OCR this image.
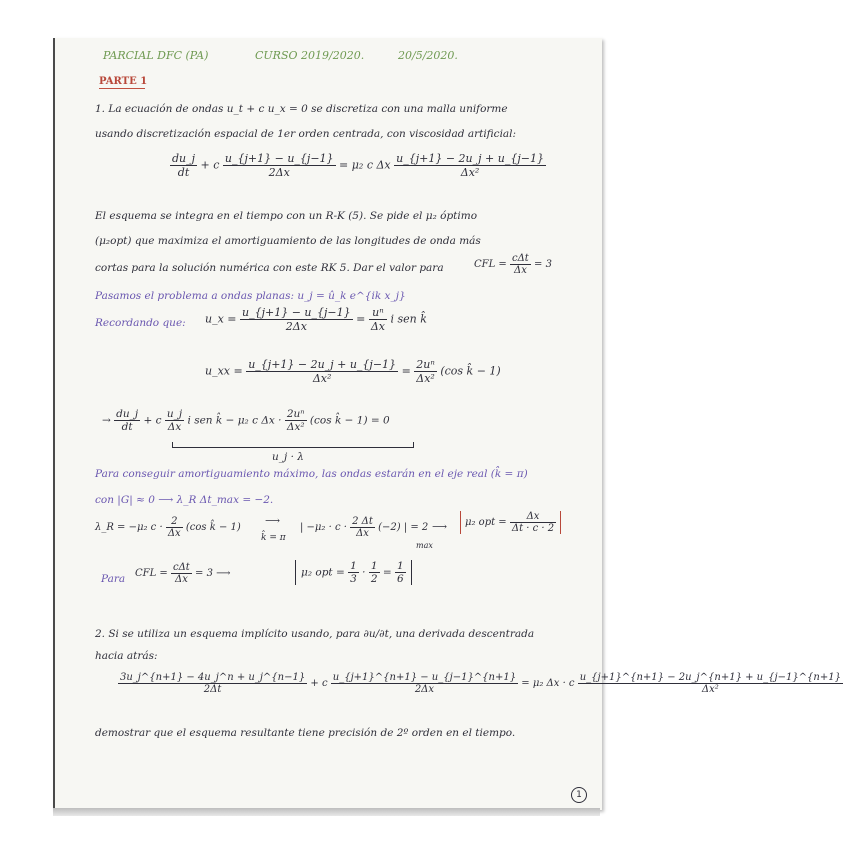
PARCIAL DFC (PA)	CURSO 2019/2020.	20/5/2020.
PARTE 1
1. La ecuación de ondas u_t + c u_x = 0 se discretiza con una malla uniforme
usando discretización espacial de 1er orden centrada, con viscosidad artificial:
$\frac{du\_j}{dt} + c \frac{u\_\{j+1\} - u\_\{j-1\}}{2\Delta x} = \mu_2$ c Δx $\frac{u\_\{j+1\} - 2u\_j + u\_\{j-1\}}{\text{Δx²}}$
El esquema se integra en el tiempo con un R-K (5). Se pide el μ₂ óptimo
(μ₂opt) que maximiza el amortiguamiento de las longitudes de onda más
cortas para la solución numérica con este RK 5. Dar el valor para	CFL = $\frac{\text{cΔt}}{\Delta x} = 3$
Pasamos el problema a ondas planas: u_j = û_k e^{ik x_j}
Recordando que: u_x = $\frac{u\_\{j+1\} - u\_\{j-1\}}{2\Delta x} = \frac{\text{uⁿ}}{\Delta x}$ i sen k̂
u_xx = $\frac{u\_\{j+1\} - 2u\_j + u\_\{j-1\}}{\text{Δx²}} = \frac{\text{2uⁿ}}{\text{Δx²}} (\cos$ k̂ − 1)
→ $\frac{du\_j}{dt} + c \frac{u\_j}{\Delta x}$ i sen k̂ − μ₂ c $\Delta x \cdot \frac{\text{2uⁿ}}{\text{Δx²}} (\cos$ k̂ − 1) = 0
u_j · λ
Para conseguir amortiguamiento máximo, las ondas estarán en el eje real (k̂ = π)
con |G| ≈ 0 ⟶ λ_R Δt_max = −2.
λ_R = −μ₂ $c \cdot \frac{2}{\Delta x} (\cos$ k̂ − 1)
⟶
k̂ = π
| $-\mu_2 \cdot c \cdot \frac{2 \Delta t}{\Delta x} (-2)$ | = 2
max
⟶	μ₂ opt = $\frac{\Delta x}{\Delta t \cdot c \cdot 2}$
Para CFL = $\frac{\text{cΔt}}{\Delta x} = 3$ ⟶	μ₂ opt = $\frac{1}{3} \cdot \frac{1}{2} = \frac{1}{6}$
2. Si se utiliza un esquema implícito usando, para ∂u/∂t, una derivada descentrada
hacia atrás:
$\frac{3u\_j\^{}\{n+1\} - 4u\_j\^{}n + u\_j\^{}\{n-1\}}{2\Delta t} + c \frac{u\_\{j+1\}\^{}\{n+1\} - u\_\{j-1\}\^{}\{n+1\}}{2\Delta x} = \mu_2$ Δx · c $\frac{u\_\{j+1\}\^{}\{n+1\} - 2u\_j\^{}\{n+1\} + u\_\{j-1\}\^{}\{n+1\}}{\text{Δx²}}$
demostrar que el esquema resultante tiene precisión de 2º orden en el tiempo.
1
